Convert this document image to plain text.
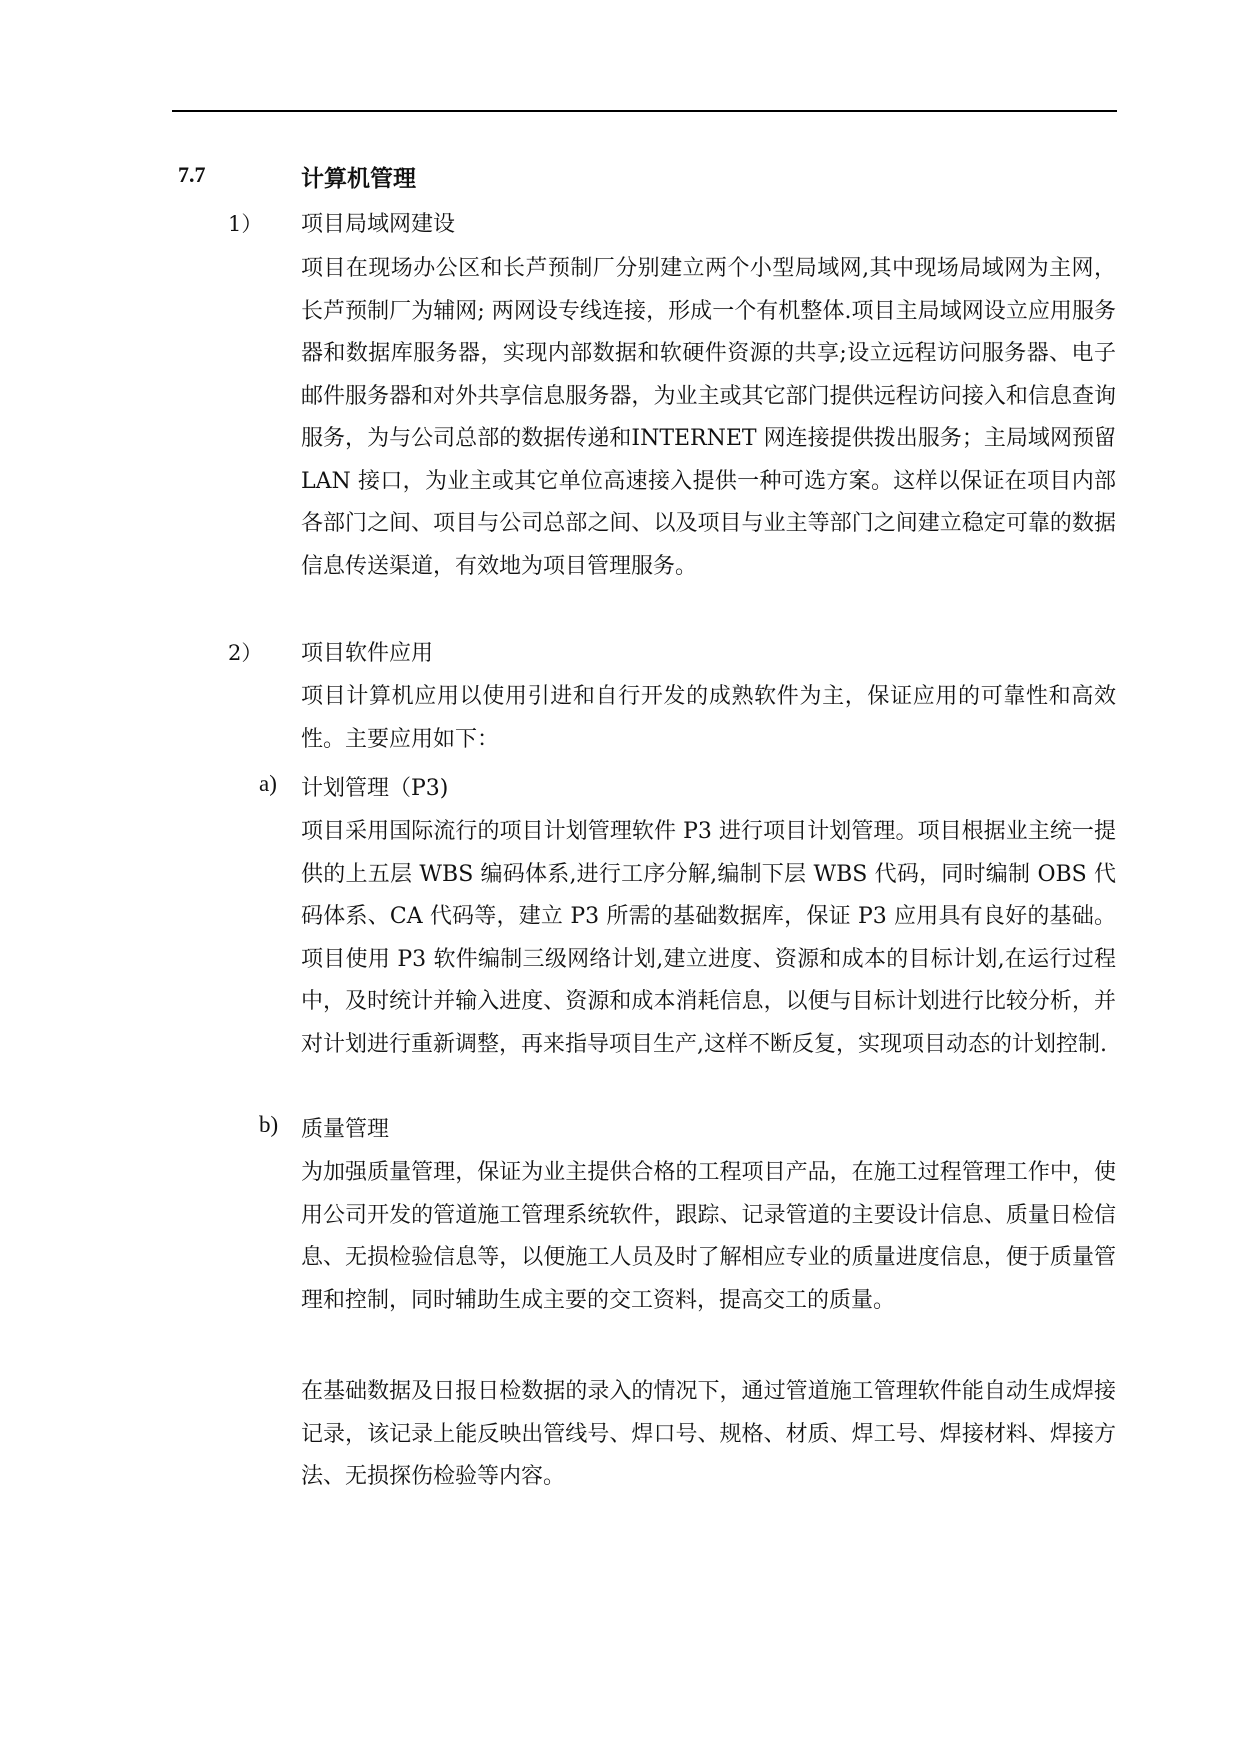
7.7	计算机管理
1） 项目局域网建设
项目在现场办公区和长芦预制厂分别建立两个小型局域网,其中现场局域网为主网，长芦预制厂为辅网; 两网设专线连接，形成一个有机整体.项目主局域网设立应用服务器和数据库服务器，实现内部数据和软硬件资源的共享;设立远程访问服务器、电子邮件服务器和对外共享信息服务器，为业主或其它部门提供远程访问接入和信息查询服务，为与公司总部的数据传递和INTERNET 网连接提供拨出服务；主局域网预留 LAN 接口，为业主或其它单位高速接入提供一种可选方案。这样以保证在项目内部各部门之间、项目与公司总部之间、以及项目与业主等部门之间建立稳定可靠的数据信息传送渠道，有效地为项目管理服务。
2） 项目软件应用
项目计算机应用以使用引进和自行开发的成熟软件为主，保证应用的可靠性和高效性。主要应用如下：
a) 计划管理（P3)
项目采用国际流行的项目计划管理软件 P3 进行项目计划管理。项目根据业主统一提供的上五层 WBS 编码体系,进行工序分解,编制下层 WBS 代码，同时编制 OBS 代码体系、CA 代码等，建立 P3 所需的基础数据库，保证 P3 应用具有良好的基础。项目使用 P3 软件编制三级网络计划,建立进度、资源和成本的目标计划,在运行过程中，及时统计并输入进度、资源和成本消耗信息，以便与目标计划进行比较分析，并对计划进行重新调整，再来指导项目生产,这样不断反复，实现项目动态的计划控制.
b) 质量管理
为加强质量管理，保证为业主提供合格的工程项目产品，在施工过程管理工作中，使用公司开发的管道施工管理系统软件，跟踪、记录管道的主要设计信息、质量日检信息、无损检验信息等，以便施工人员及时了解相应专业的质量进度信息，便于质量管理和控制，同时辅助生成主要的交工资料，提高交工的质量。
在基础数据及日报日检数据的录入的情况下，通过管道施工管理软件能自动生成焊接记录，该记录上能反映出管线号、焊口号、规格、材质、焊工号、焊接材料、焊接方法、无损探伤检验等内容。
